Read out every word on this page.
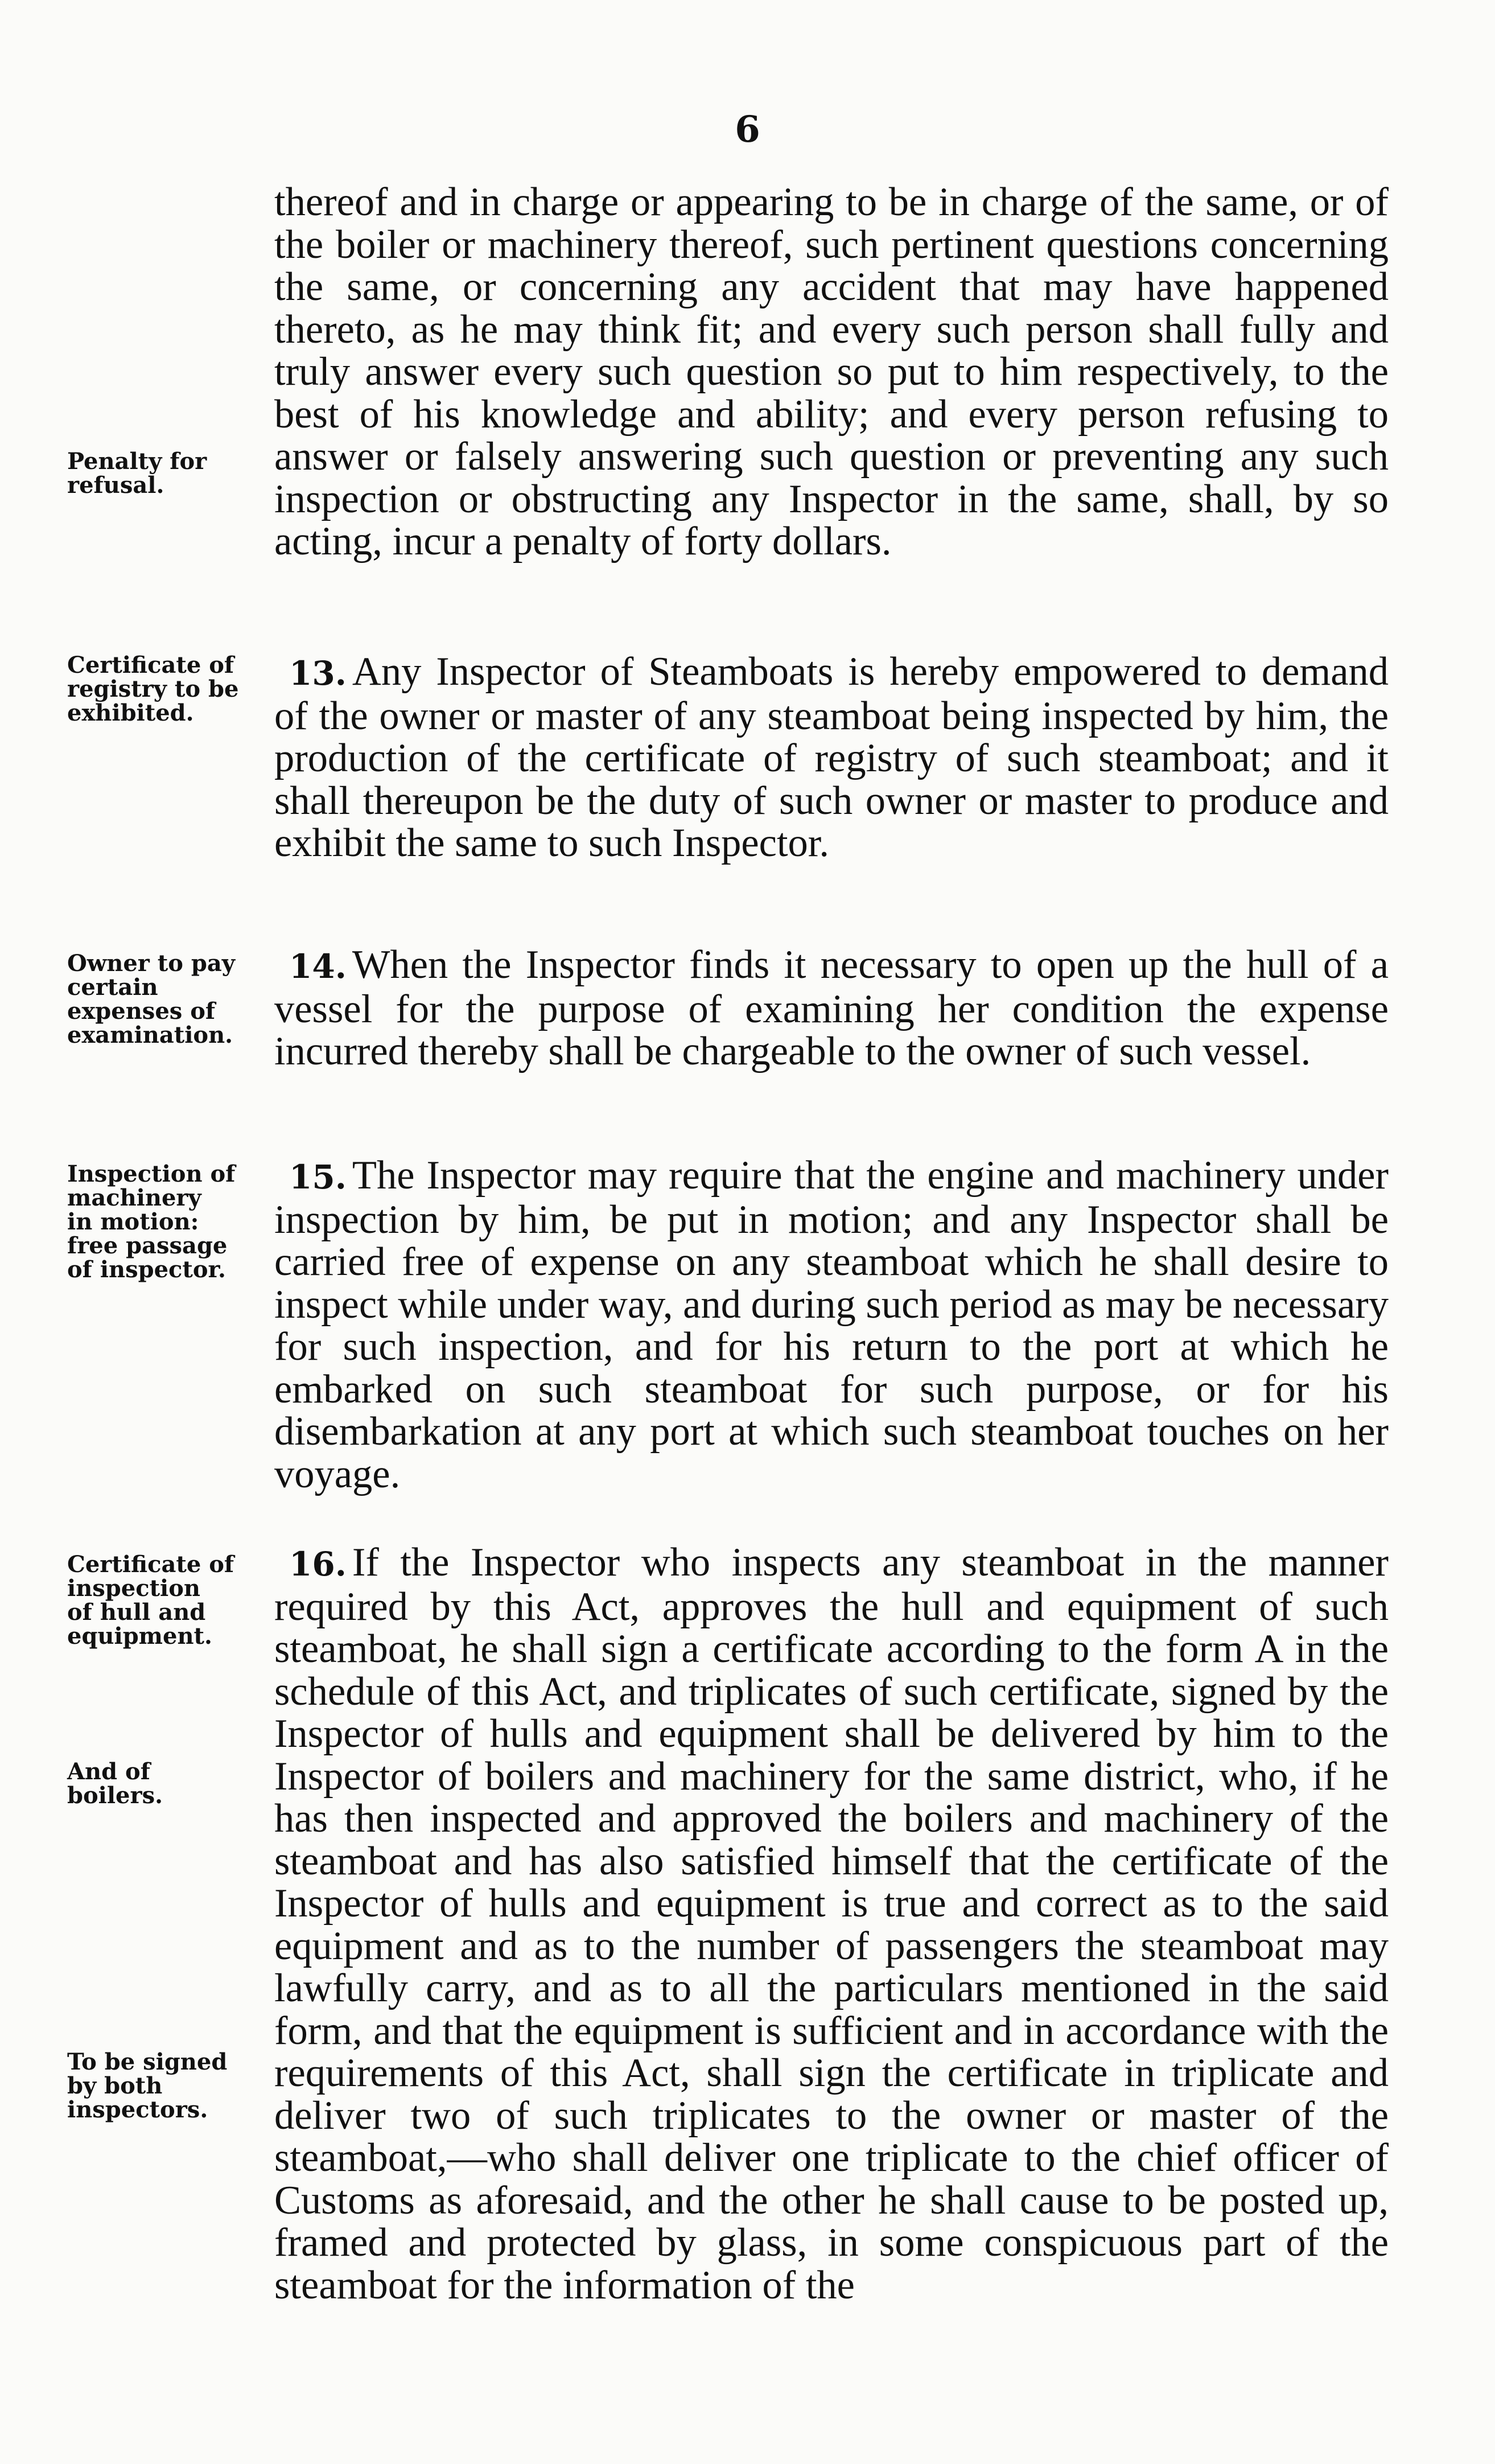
6

thereof and in charge or appearing to be in charge of the same, or of the boiler or machinery thereof, such pertinent questions concerning the same, or concerning any accident that may have happened thereto, as he may think fit; and every such person shall fully and truly answer every such question so put to him respectively, to the best of his knowledge and ability; and every person refusing to answer or falsely answering such question or preventing any such inspection or obstructing any Inspector in the same, shall, by so acting, incur a penalty of forty dollars.

Penalty for
refusal.

13. Any Inspector of Steamboats is hereby empowered to demand of the owner or master of any steamboat being inspected by him, the production of the certificate of registry of such steamboat; and it shall thereupon be the duty of such owner or master to produce and exhibit the same to such Inspector.

Certificate of
registry to be
exhibited.

14. When the Inspector finds it necessary to open up the hull of a vessel for the purpose of examining her condition the expense incurred thereby shall be chargeable to the owner of such vessel.

Owner to pay
certain
expenses of
examination.

15. The Inspector may require that the engine and machinery under inspection by him, be put in motion; and any Inspector shall be carried free of expense on any steamboat which he shall desire to inspect while under way, and during such period as may be necessary for such inspection, and for his return to the port at which he embarked on such steamboat for such purpose, or for his disembarkation at any port at which such steamboat touches on her voyage.

Inspection of
machinery
in motion:
free passage
of inspector.

16. If the Inspector who inspects any steamboat in the manner required by this Act, approves the hull and equipment of such steamboat, he shall sign a certificate according to the form A in the schedule of this Act, and triplicates of such certificate, signed by the Inspector of hulls and equipment shall be delivered by him to the Inspector of boilers and machinery for the same district, who, if he has then inspected and approved the boilers and machinery of the steamboat and has also satisfied himself that the certificate of the Inspector of hulls and equipment is true and correct as to the said equipment and as to the number of passengers the steamboat may lawfully carry, and as to all the particulars mentioned in the said form, and that the equipment is sufficient and in accordance with the requirements of this Act, shall sign the certificate in triplicate and deliver two of such triplicates to the owner or master of the steamboat,—who shall deliver one triplicate to the chief officer of Customs as aforesaid, and the other he shall cause to be posted up, framed and protected by glass, in some conspicuous part of the steamboat for the information of the

Certificate of
inspection
of hull and
equipment.

And of
boilers.

To be signed
by both
inspectors.
